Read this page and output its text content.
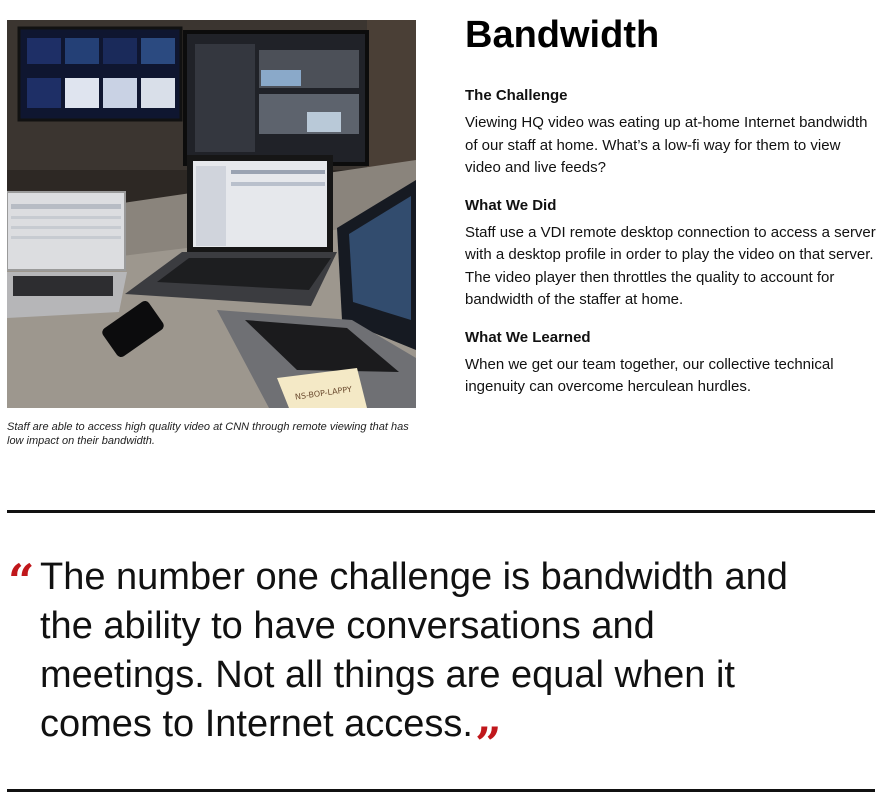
NS-BOP-LAPPY
Staff are able to access high quality video at CNN through remote viewing that has low impact on their bandwidth.
Bandwidth
The Challenge

Viewing HQ video was eating up at-home Internet bandwidth of our staff at home. What’s a low-fi way for them to view video and live feeds?

What We Did

Staff use a VDI remote desktop connection to access a server with a desktop profile in order to play the video on that server. The video player then throttles the quality to account for bandwidth of the staffer at home.

What We Learned

When we get our team together, our collective technical ingenuity can overcome herculean hurdles.

“ The number one challenge is bandwidth and the ability to have conversations and meetings. Not all things are equal when it comes to Internet access.”
